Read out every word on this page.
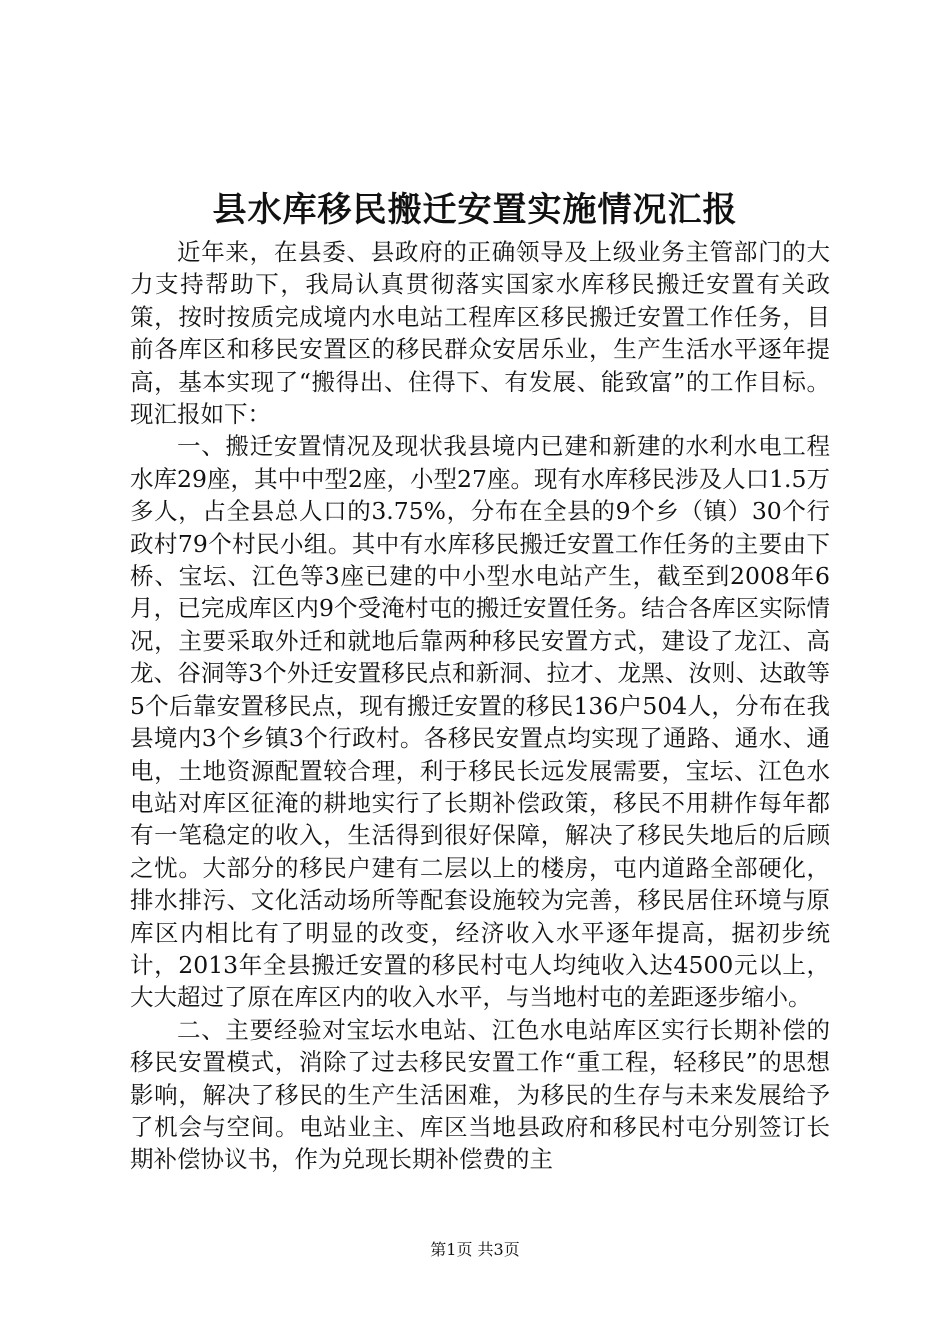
县水库移民搬迁安置实施情况汇报

近年来，在县委、县政府的正确领导及上级业务主管部门的大力支持帮助下，我局认真贯彻落实国家水库移民搬迁安置有关政策，按时按质完成境内水电站工程库区移民搬迁安置工作任务，目前各库区和移民安置区的移民群众安居乐业，生产生活水平逐年提高，基本实现了“搬得出、住得下、有发展、能致富”的工作目标。现汇报如下：

一、搬迁安置情况及现状我县境内已建和新建的水利水电工程水库29座，其中中型2座，小型27座。现有水库移民涉及人口1.5万多人，占全县总人口的3.75%，分布在全县的9个乡（镇）30个行政村79个村民小组。其中有水库移民搬迁安置工作任务的主要由下桥、宝坛、江色等3座已建的中小型水电站产生，截至到2008年6月，已完成库区内9个受淹村屯的搬迁安置任务。结合各库区实际情况，主要采取外迁和就地后靠两种移民安置方式，建设了龙江、高龙、谷洞等3个外迁安置移民点和新洞、拉才、龙黑、汝则、达敢等5个后靠安置移民点，现有搬迁安置的移民136户504人，分布在我县境内3个乡镇3个行政村。各移民安置点均实现了通路、通水、通电，土地资源配置较合理，利于移民长远发展需要，宝坛、江色水电站对库区征淹的耕地实行了长期补偿政策，移民不用耕作每年都有一笔稳定的收入，生活得到很好保障，解决了移民失地后的后顾之忧。大部分的移民户建有二层以上的楼房，屯内道路全部硬化，排水排污、文化活动场所等配套设施较为完善，移民居住环境与原库区内相比有了明显的改变，经济收入水平逐年提高，据初步统计，2013年全县搬迁安置的移民村屯人均纯收入达4500元以上，大大超过了原在库区内的收入水平，与当地村屯的差距逐步缩小。

二、主要经验对宝坛水电站、江色水电站库区实行长期补偿的移民安置模式，消除了过去移民安置工作“重工程，轻移民”的思想影响，解决了移民的生产生活困难，为移民的生存与未来发展给予了机会与空间。电站业主、库区当地县政府和移民村屯分别签订长期补偿协议书，作为兑现长期补偿费的主

第1页 共3页
